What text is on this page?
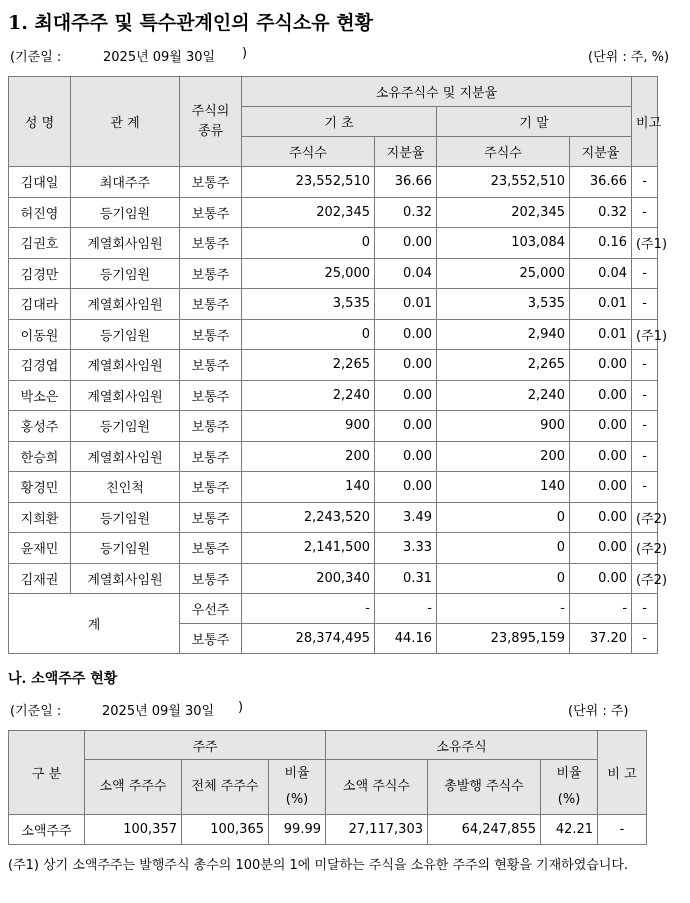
1. 최대주주 및 특수관계인의 주식소유 현황
(기준일 :	2025년 09월 30일 )	(단위 : 주, %)
성 명	관 계	주식의 종류	소유주식수 및 지분율				비고
			기 초		기 말		
			주식수	지분율	주식수	지분율	
김대일	최대주주	보통주	23,552,510	36.66	23,552,510	36.66	-
허진영	등기임원	보통주	202,345	0.32	202,345	0.32	-
김권호	계열회사임원	보통주	0	0.00	103,084	0.16	(주1)
김경만	등기임원	보통주	25,000	0.04	25,000	0.04	-
김대라	계열회사임원	보통주	3,535	0.01	3,535	0.01	-
이동원	등기임원	보통주	0	0.00	2,940	0.01	(주1)
김경엽	계열회사임원	보통주	2,265	0.00	2,265	0.00	-
박소은	계열회사임원	보통주	2,240	0.00	2,240	0.00	-
홍성주	등기임원	보통주	900	0.00	900	0.00	-
한승희	계열회사임원	보통주	200	0.00	200	0.00	-
황경민	친인척	보통주	140	0.00	140	0.00	-
지희환	등기임원	보통주	2,243,520	3.49	0	0.00	(주2)
윤재민	등기임원	보통주	2,141,500	3.33	0	0.00	(주2)
김재권	계열회사임원	보통주	200,340	0.31	0	0.00	(주2)
계		우선주	-	-	-	-	-
		보통주	28,374,495	44.16	23,895,159	37.20	-
나. 소액주주 현황
(기준일 :	2025년 09월 30일 )	(단위 : 주)
구 분	주주			소유주식			비 고
	소액 주주수	전체 주주수	비율 (%)	소액 주식수	총발행 주식수	비율 (%)	
소액주주	100,357	100,365	99.99	27,117,303	64,247,855	42.21	-
(주1) 상기 소액주주는 발행주식 총수의 100분의 1에 미달하는 주식을 소유한 주주의 현황을 기재하였습니다.
